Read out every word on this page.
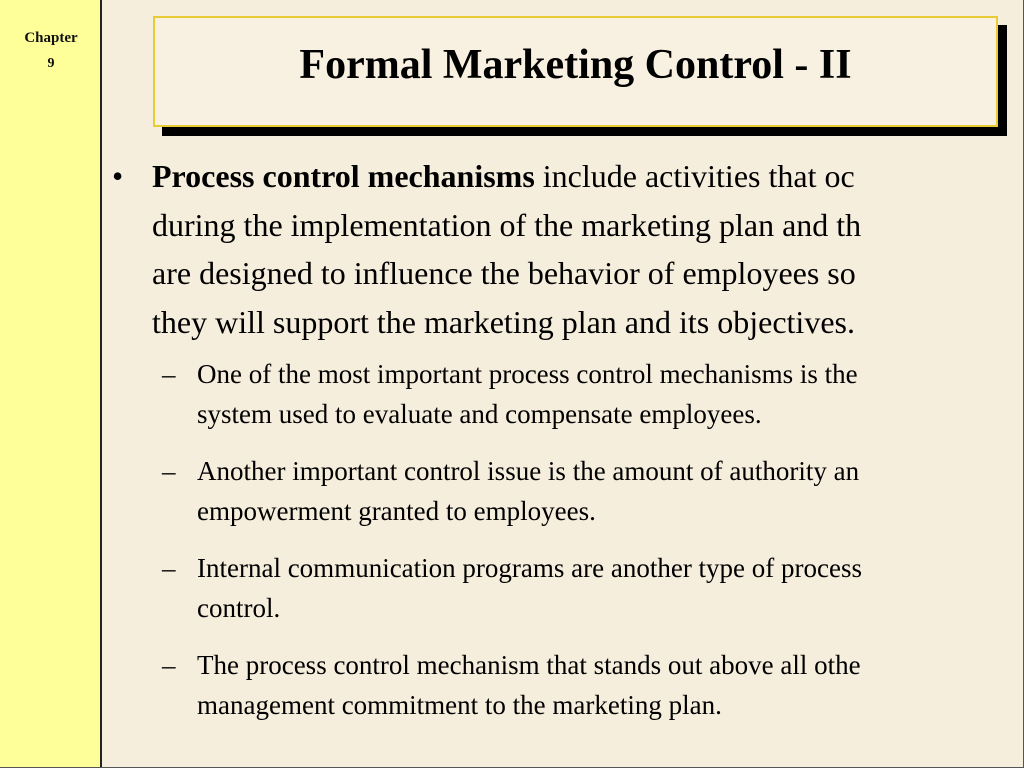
Chapter
9	Formal Marketing Control - II
• Process control mechanisms include activities that oc
during the implementation of the marketing plan and th
are designed to influence the behavior of employees so
they will support the marketing plan and its objectives.
– One of the most important process control mechanisms is the
system used to evaluate and compensate employees.
– Another important control issue is the amount of authority an
empowerment granted to employees.
– Internal communication programs are another type of process
control.
– The process control mechanism that stands out above all othe
management commitment to the marketing plan.
